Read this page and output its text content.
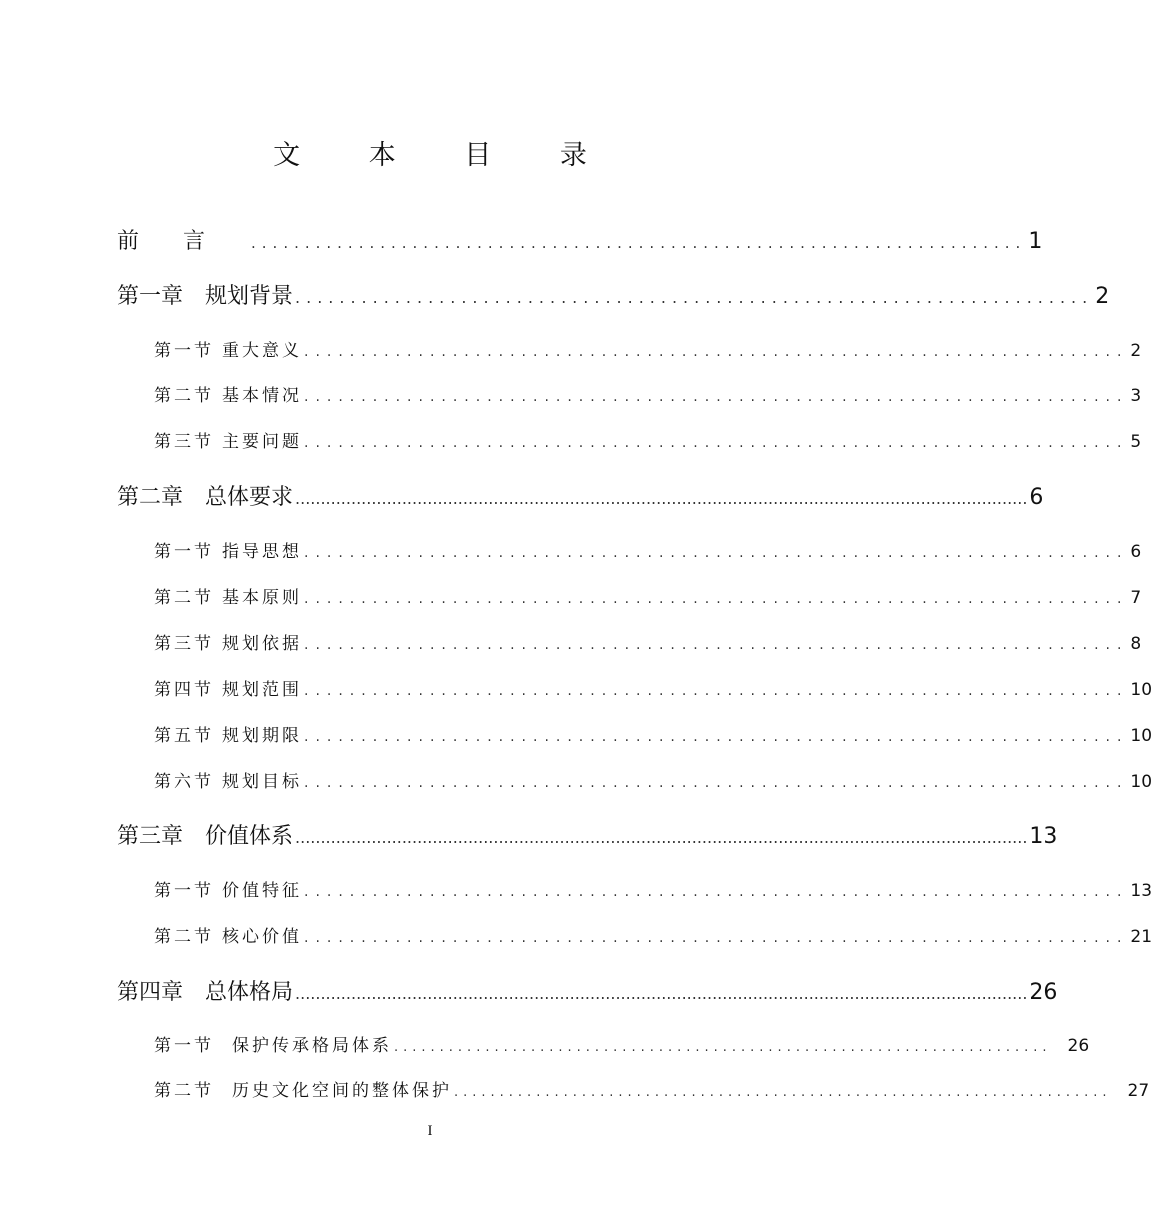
文 本 目 录
前言 ........................................................................ 1
第一章 规划背景 ........................................................................ 2
第一节 重大意义 ........................................................................ 2
第二节 基本情况 ........................................................................ 3
第三节 主要问题 ........................................................................ 5
第二章 总体要求 ................................................................................................................................................ 6
第一节 指导思想 ........................................................................ 6
第二节 基本原则 ........................................................................ 7
第三节 规划依据 ........................................................................ 8
第四节 规划范围 ........................................................................ 10
第五节 规划期限 ........................................................................ 10
第六节 规划目标 ........................................................................ 10
第三章 价值体系 ................................................................................................................................................ 13
第一节 价值特征 ........................................................................ 13
第二节 核心价值 ........................................................................ 21
第四章 总体格局 ................................................................................................................................................ 26
第一节 保护传承格局体系 ........................................................................ 26
第二节 历史文化空间的整体保护 ........................................................................ 27
I
